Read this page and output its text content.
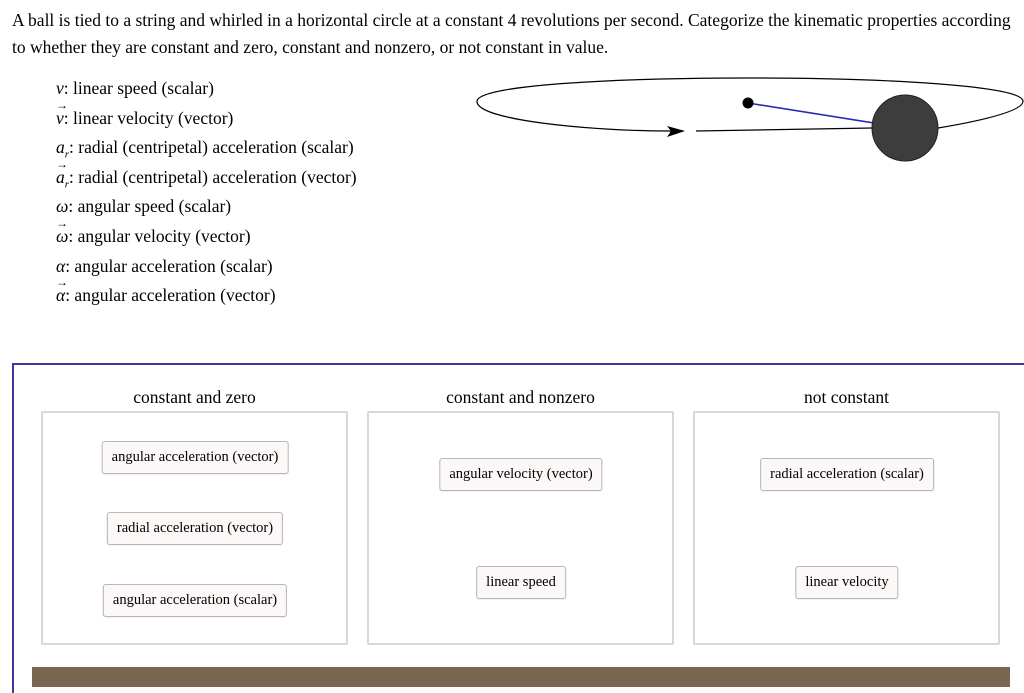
A ball is tied to a string and whirled in a horizontal circle at a constant 4 revolutions per second. Categorize the kinematic properties according to whether they are constant and zero, constant and nonzero, or not constant in value.
v: linear speed (scalar)
→
v: linear velocity (vector)
$a_r$: radial (centripetal) acceleration (scalar)
→
$a_r$: radial (centripetal) acceleration (vector)
ω: angular speed (scalar)
→
ω: angular velocity (vector)
α: angular acceleration (scalar)
→
α: angular acceleration (vector)
constant and zero	constant and nonzero	not constant
angular acceleration (vector)
radial acceleration (vector)
angular acceleration (scalar)
angular velocity (vector)
linear speed
radial acceleration (scalar)
linear velocity
